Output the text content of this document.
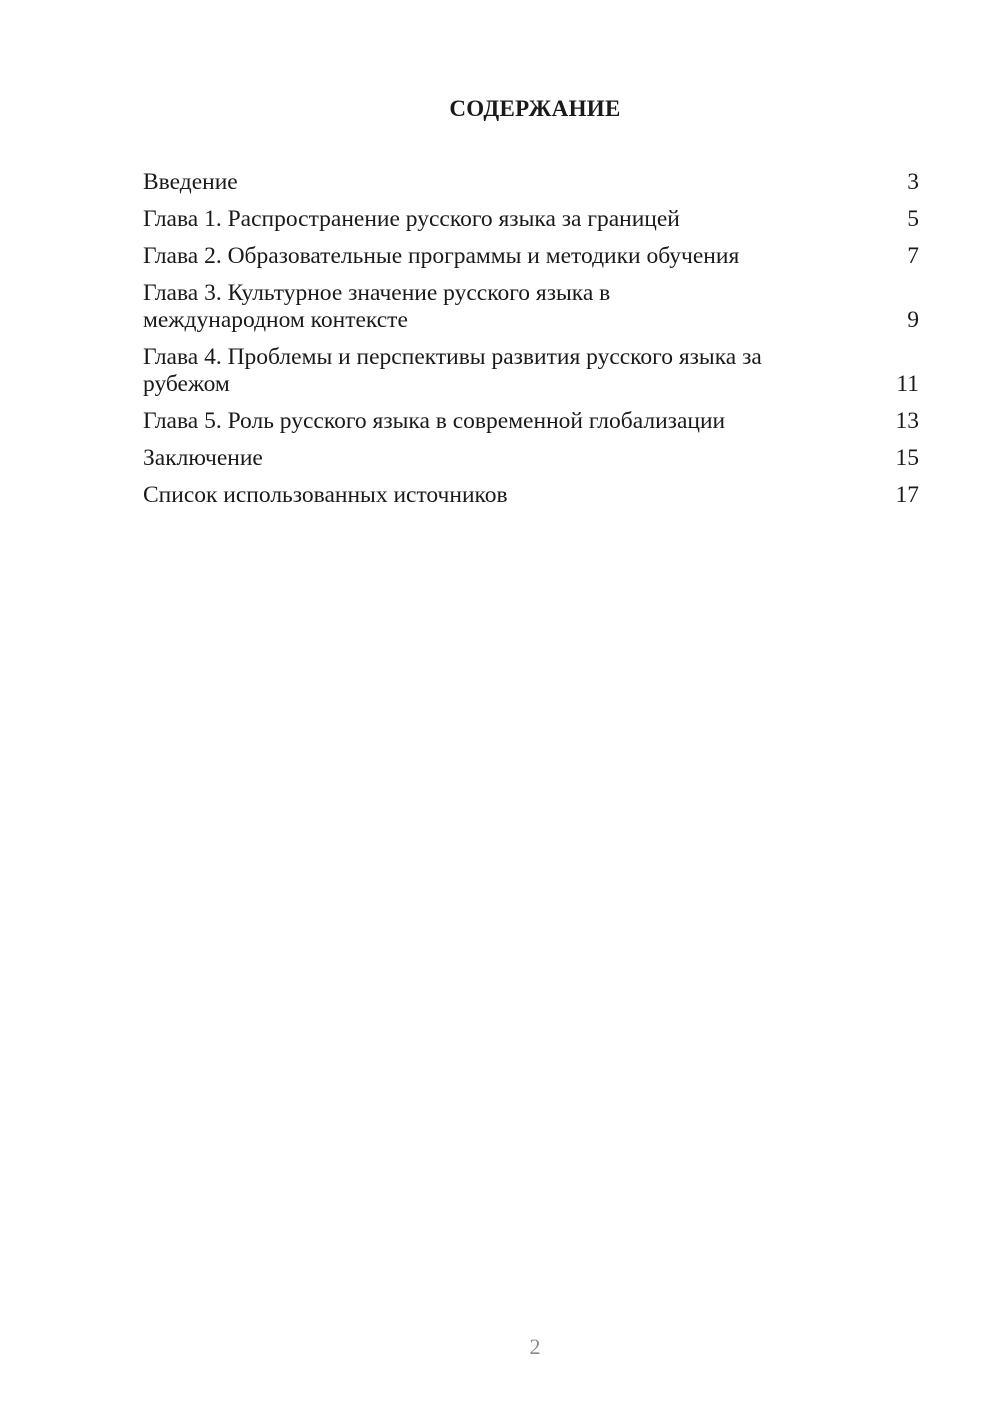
СОДЕРЖАНИЕ
Введение	3
Глава 1. Распространение русского языка за границей	5
Глава 2. Образовательные программы и методики обучения	7
Глава 3. Культурное значение русского языка в международном контексте	9
Глава 4. Проблемы и перспективы развития русского языка за рубежом	11
Глава 5. Роль русского языка в современной глобализации	13
Заключение	15
Список использованных источников	17
2
